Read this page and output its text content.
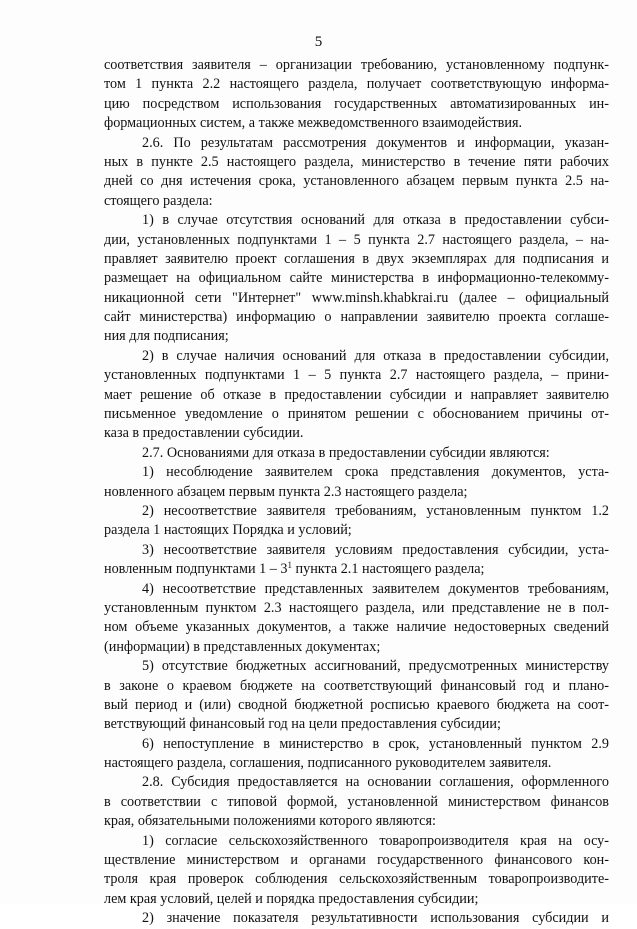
5
соответствия заявителя – организации требованию, установленному подпунк-
том 1 пункта 2.2 настоящего раздела, получает соответствующую информа-
цию посредством использования государственных автоматизированных ин-
формационных систем, а также межведомственного взаимодействия.
2.6. По результатам рассмотрения документов и информации, указан-
ных в пункте 2.5 настоящего раздела, министерство в течение пяти рабочих
дней со дня истечения срока, установленного абзацем первым пункта 2.5 на-
стоящего раздела:
1) в случае отсутствия оснований для отказа в предоставлении субси-
дии, установленных подпунктами 1 – 5 пункта 2.7 настоящего раздела, – на-
правляет заявителю проект соглашения в двух экземплярах для подписания и
размещает на официальном сайте министерства в информационно-телекомму-
никационной сети "Интернет" www.minsh.khabkrai.ru (далее – официальный
сайт министерства) информацию о направлении заявителю проекта соглаше-
ния для подписания;
2) в случае наличия оснований для отказа в предоставлении субсидии,
установленных подпунктами 1 – 5 пункта 2.7 настоящего раздела, – прини-
мает решение об отказе в предоставлении субсидии и направляет заявителю
письменное уведомление о принятом решении с обоснованием причины от-
каза в предоставлении субсидии.
2.7. Основаниями для отказа в предоставлении субсидии являются:
1) несоблюдение заявителем срока представления документов, уста-
новленного абзацем первым пункта 2.3 настоящего раздела;
2) несоответствие заявителя требованиям, установленным пунктом 1.2
раздела 1 настоящих Порядка и условий;
3) несоответствие заявителя условиям предоставления субсидии, уста-
новленным подпунктами $1 - 3^1$ пункта 2.1 настоящего раздела;
4) несоответствие представленных заявителем документов требованиям,
установленным пунктом 2.3 настоящего раздела, или представление не в пол-
ном объеме указанных документов, а также наличие недостоверных сведений
(информации) в представленных документах;
5) отсутствие бюджетных ассигнований, предусмотренных министерству
в законе о краевом бюджете на соответствующий финансовый год и плано-
вый период и (или) сводной бюджетной росписью краевого бюджета на соот-
ветствующий финансовый год на цели предоставления субсидии;
6) непоступление в министерство в срок, установленный пунктом 2.9
настоящего раздела, соглашения, подписанного руководителем заявителя.
2.8. Субсидия предоставляется на основании соглашения, оформленного
в соответствии с типовой формой, установленной министерством финансов
края, обязательными положениями которого являются:
1) согласие сельскохозяйственного товаропроизводителя края на осу-
ществление министерством и органами государственного финансового кон-
троля края проверок соблюдения сельскохозяйственным товаропроизводите-
лем края условий, целей и порядка предоставления субсидии;
2) значение показателя результативности использования субсидии и
